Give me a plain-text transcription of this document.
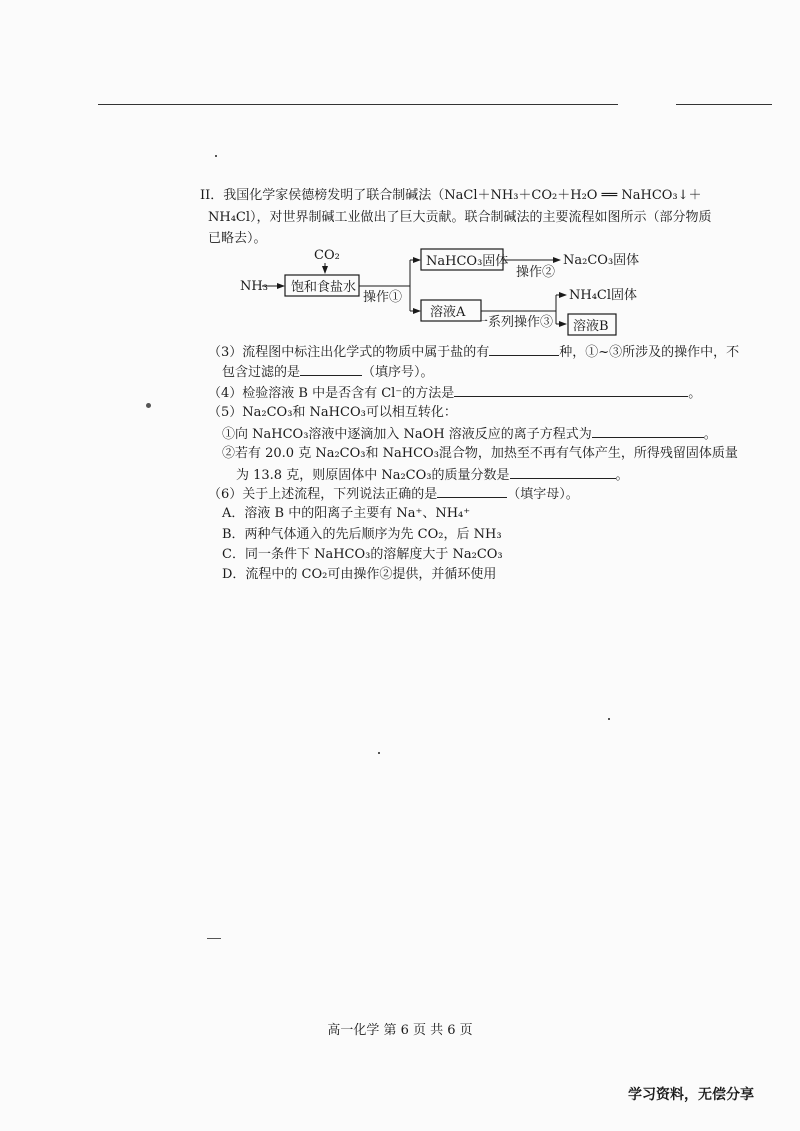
II．我国化学家侯德榜发明了联合制碱法（NaCl＋NH₃＋CO₂＋H₂O ══ NaHCO₃↓＋
NH₄Cl），对世界制碱工业做出了巨大贡献。联合制碱法的主要流程如图所示（部分物质
已略去）。
CO₂
NH₃ 饱和食盐水
操作①
NaHCO₃固体
操作②
Na₂CO₃固体
溶液A
一系列操作③
NH₄Cl固体
溶液B
（3）流程图中标注出化学式的物质中属于盐的有	种，①~③所涉及的操作中，不
包含过滤的是	（填序号）。
（4）检验溶液 B 中是否含有 Cl⁻的方法是	。
（5）Na₂CO₃和 NaHCO₃可以相互转化：
①向 NaHCO₃溶液中逐滴加入 NaOH 溶液反应的离子方程式为	。
②若有 20.0 克 Na₂CO₃和 NaHCO₃混合物，加热至不再有气体产生，所得残留固体质量
为 13.8 克，则原固体中 Na₂CO₃的质量分数是	。
（6）关于上述流程，下列说法正确的是	（填字母）。
A．溶液 B 中的阳离子主要有 Na⁺、NH₄⁺
B．两种气体通入的先后顺序为先 CO₂，后 NH₃
C．同一条件下 NaHCO₃的溶解度大于 Na₂CO₃
D．流程中的 CO₂可由操作②提供，并循环使用
高一化学 第 6 页 共 6 页
学习资料，无偿分享
